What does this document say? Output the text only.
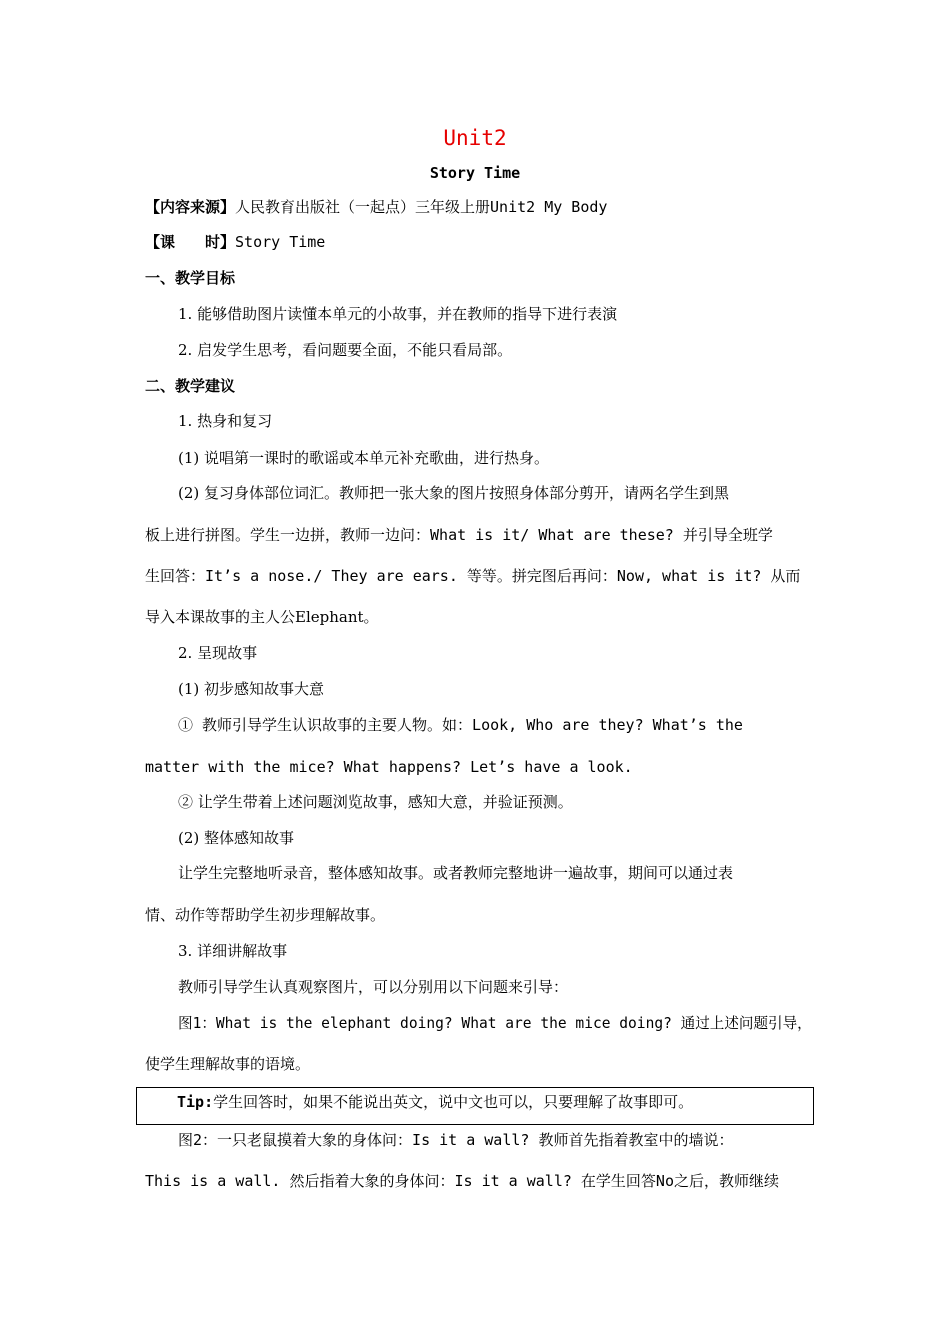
Unit2
Story Time
【内容来源】人民教育出版社（一起点）三年级上册Unit2 My Body
【课　　时】Story Time
一、教学目标
1. 能够借助图片读懂本单元的小故事，并在教师的指导下进行表演
2. 启发学生思考，看问题要全面，不能只看局部。
二、教学建议
1. 热身和复习
(1) 说唱第一课时的歌谣或本单元补充歌曲，进行热身。
(2) 复习身体部位词汇。教师把一张大象的图片按照身体部分剪开，请两名学生到黑
板上进行拼图。学生一边拼，教师一边问：What is it/ What are these? 并引导全班学
生回答：It’s a nose./ They are ears. 等等。拼完图后再问：Now, what is it? 从而
导入本课故事的主人公Elephant。
2. 呈现故事
(1) 初步感知故事大意
① 教师引导学生认识故事的主要人物。如：Look, Who are they? What’s the
matter with the mice? What happens? Let’s have a look.
② 让学生带着上述问题浏览故事，感知大意，并验证预测。
(2) 整体感知故事
让学生完整地听录音，整体感知故事。或者教师完整地讲一遍故事，期间可以通过表
情、动作等帮助学生初步理解故事。
3. 详细讲解故事
教师引导学生认真观察图片，可以分别用以下问题来引导：
图1：What is the elephant doing? What are the mice doing? 通过上述问题引导，
使学生理解故事的语境。
Tip:学生回答时，如果不能说出英文，说中文也可以，只要理解了故事即可。
图2：一只老鼠摸着大象的身体问：Is it a wall? 教师首先指着教室中的墙说：
This is a wall. 然后指着大象的身体问：Is it a wall? 在学生回答No之后，教师继续
